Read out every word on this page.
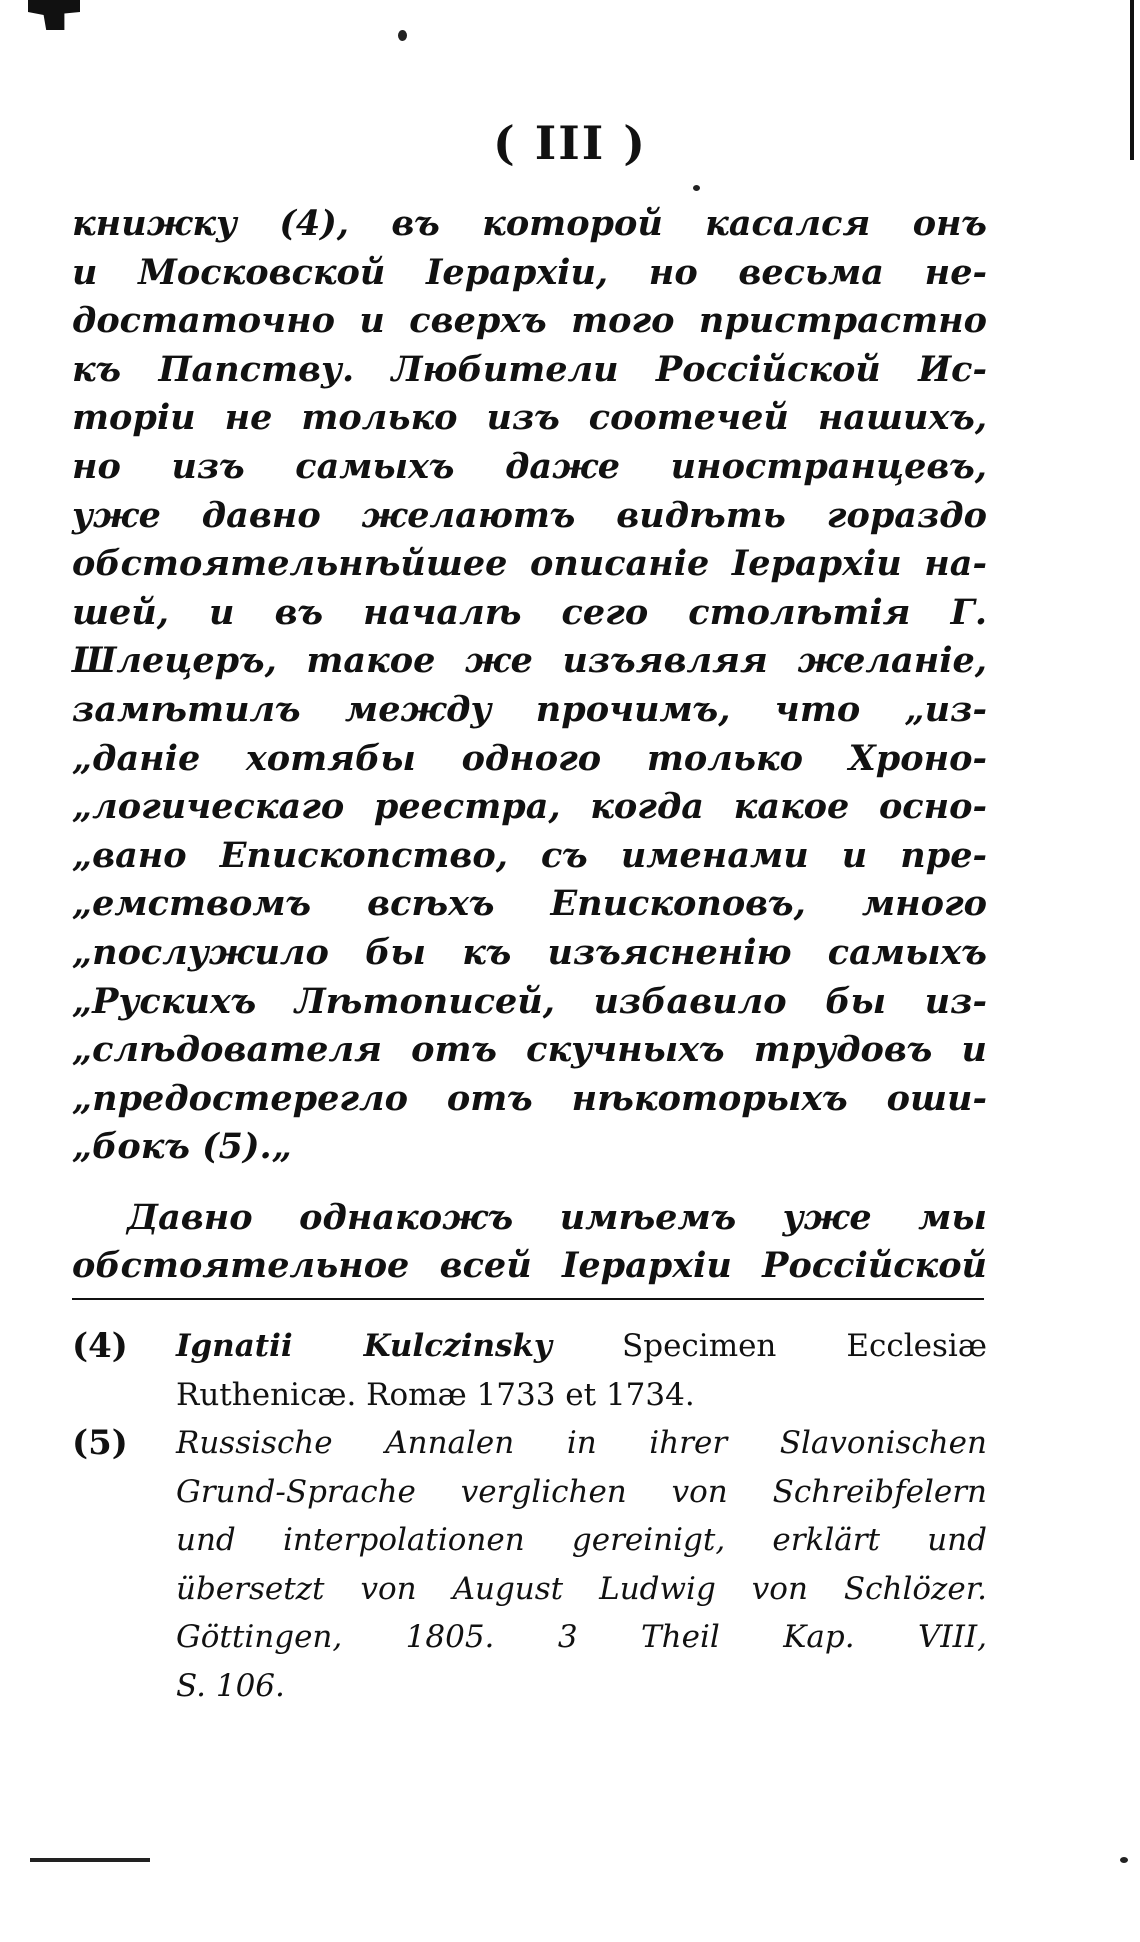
( III )
книжку (4), въ которой касался онъ
и Московской Іерархіи, но весьма не-
достаточно и сверхъ того пристрастно
къ Папству. Любители Россійской Ис-
торіи не только изъ соотечей нашихъ,
но изъ самыхъ даже иностранцевъ,
уже давно желаютъ видѣть гораздо
обстоятельнѣйшее описаніе Іерархіи на-
шей, и въ началѣ сего столѣтія Г.
Шлецеръ, такое же изъявляя желаніе,
замѣтилъ между прочимъ, что „из-
„даніе хотябы одного только Хроно-
„логическаго реестра, когда какое осно-
„вано Епископство, съ именами и пре-
„емствомъ всѣхъ Епископовъ, много
„послужило бы къ изъясненію самыхъ
„Рускихъ Лѣтописей, избавило бы из-
„слѣдователя отъ скучныхъ трудовъ и
„предостерегло отъ нѣкоторыхъ оши-
„бокъ (5).„
Давно однакожъ имѣемъ уже мы
обстоятельное всей Іерархіи Россійской
(4) Ignatii Kulczinsky Specimen Ecclesiæ
Ruthenicæ. Romæ 1733 et 1734.
(5) Russische Annalen in ihrer Slavonischen
Grund-Sprache verglichen von Schreibfelern
und interpolationen gereinigt, erklärt und
übersetzt von August Ludwig von Schlözer.
Göttingen, 1805. 3 Theil Kap. VIII,
S. 106.
